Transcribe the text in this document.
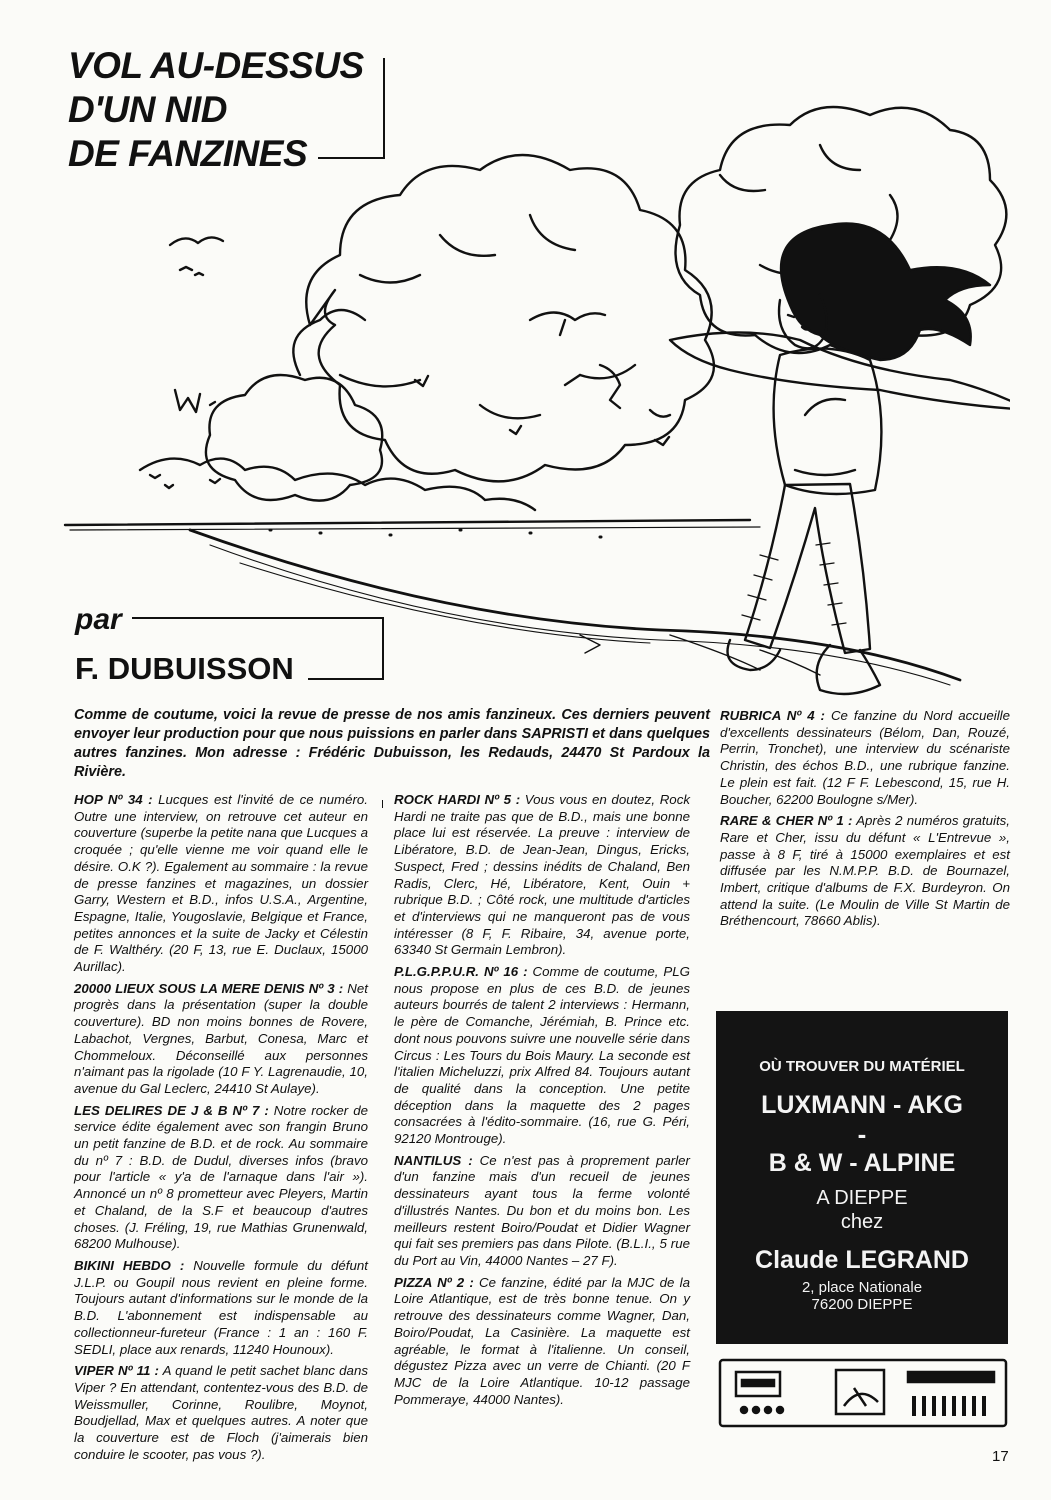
VOL AU-DESSUS
D'UN NID
DE FANZINES
par
F. DUBUISSON
Comme de coutume, voici la revue de presse de nos amis fanzineux. Ces derniers peuvent envoyer leur production pour que nous puissions en parler dans SAPRISTI et dans quelques autres fanzines. Mon adresse : Frédéric Dubuisson, les Redauds, 24470 St Pardoux la Rivière.

HOP Nº 34 : Lucques est l'invité de ce numéro. Outre une interview, on retrouve cet auteur en couverture (superbe la petite nana que Lucques a croquée ; qu'elle vienne me voir quand elle le désire. O.K ?). Egalement au sommaire : la revue de presse fanzines et magazines, un dossier Garry, Western et B.D., infos U.S.A., Argentine, Espagne, Italie, Yougoslavie, Belgique et France, petites annonces et la suite de Jacky et Célestin de F. Walthéry. (20 F, 13, rue E. Duclaux, 15000 Aurillac).

20000 LIEUX SOUS LA MERE DENIS Nº 3 : Net progrès dans la présentation (super la double couverture). BD non moins bonnes de Rovere, Labachot, Vergnes, Barbut, Conesa, Marc et Chommeloux. Déconseillé aux personnes n'aimant pas la rigolade (10 F Y. Lagrenaudie, 10, avenue du Gal Leclerc, 24410 St Aulaye).

LES DELIRES DE J & B Nº 7 : Notre rocker de service édite également avec son frangin Bruno un petit fanzine de B.D. et de rock. Au sommaire du nº 7 : B.D. de Dudul, diverses infos (bravo pour l'article « y'a de l'arnaque dans l'air »). Annoncé un nº 8 prometteur avec Pleyers, Martin et Chaland, de la S.F et beaucoup d'autres choses. (J. Fréling, 19, rue Mathias Grunenwald, 68200 Mulhouse).

BIKINI HEBDO : Nouvelle formule du défunt J.L.P. ou Goupil nous revient en pleine forme. Toujours autant d'informations sur le monde de la B.D. L'abonnement est indispensable au collectionneur-fureteur (France : 1 an : 160 F. SEDLI, place aux renards, 11240 Hounoux).

VIPER Nº 11 : A quand le petit sachet blanc dans Viper ? En attendant, contentez-vous des B.D. de Weissmuller, Corinne, Roulibre, Moynot, Boudjellad, Max et quelques autres. A noter que la couverture est de Floch (j'aimerais bien conduire le scooter, pas vous ?).

ROCK HARDI Nº 5 : Vous vous en doutez, Rock Hardi ne traite pas que de B.D., mais une bonne place lui est réservée. La preuve : interview de Libératore, B.D. de Jean-Jean, Dingus, Ericks, Suspect, Fred ; dessins inédits de Chaland, Ben Radis, Clerc, Hé, Libératore, Kent, Ouin + rubrique B.D. ; Côté rock, une multitude d'articles et d'interviews qui ne manqueront pas de vous intéresser (8 F, F. Ribaire, 34, avenue porte, 63340 St Germain Lembron).

P.L.G.P.P.U.R. Nº 16 : Comme de coutume, PLG nous propose en plus de ces B.D. de jeunes auteurs bourrés de talent 2 interviews : Hermann, le père de Comanche, Jérémiah, B. Prince etc. dont nous pouvons suivre une nouvelle série dans Circus : Les Tours du Bois Maury. La seconde est l'italien Micheluzzi, prix Alfred 84. Toujours autant de qualité dans la conception. Une petite déception dans la maquette des 2 pages consacrées à l'édito-sommaire. (16, rue G. Péri, 92120 Montrouge).

NANTILUS : Ce n'est pas à proprement parler d'un fanzine mais d'un recueil de jeunes dessinateurs ayant tous la ferme volonté d'illustrés Nantes. Du bon et du moins bon. Les meilleurs restent Boiro/Poudat et Didier Wagner qui fait ses premiers pas dans Pilote. (B.L.I., 5 rue du Port au Vin, 44000 Nantes – 27 F).

PIZZA Nº 2 : Ce fanzine, édité par la MJC de la Loire Atlantique, est de très bonne tenue. On y retrouve des dessinateurs comme Wagner, Dan, Boiro/Poudat, La Casinière. La maquette est agréable, le format à l'italienne. Un conseil, dégustez Pizza avec un verre de Chianti. (20 F MJC de la Loire Atlantique. 10-12 passage Pommeraye, 44000 Nantes).

RUBRICA Nº 4 : Ce fanzine du Nord accueille d'excellents dessinateurs (Bélom, Dan, Rouzé, Perrin, Tronchet), une interview du scénariste Christin, des échos B.D., une rubrique fanzine. Le plein est fait. (12 F F. Lebescond, 15, rue H. Boucher, 62200 Boulogne s/Mer).

RARE & CHER Nº 1 : Après 2 numéros gratuits, Rare et Cher, issu du défunt « L'Entrevue », passe à 8 F, tiré à 15000 exemplaires et est diffusée par les N.M.P.P. B.D. de Bournazel, Imbert, critique d'albums de F.X. Burdeyron. On attend la suite. (Le Moulin de Ville St Martin de Bréthencourt, 78660 Ablis).

OÙ TROUVER DU MATÉRIEL
LUXMANN - AKG
-
B & W - ALPINE
A DIEPPE
chez
Claude LEGRAND
2, place Nationale
76200 DIEPPE
17
